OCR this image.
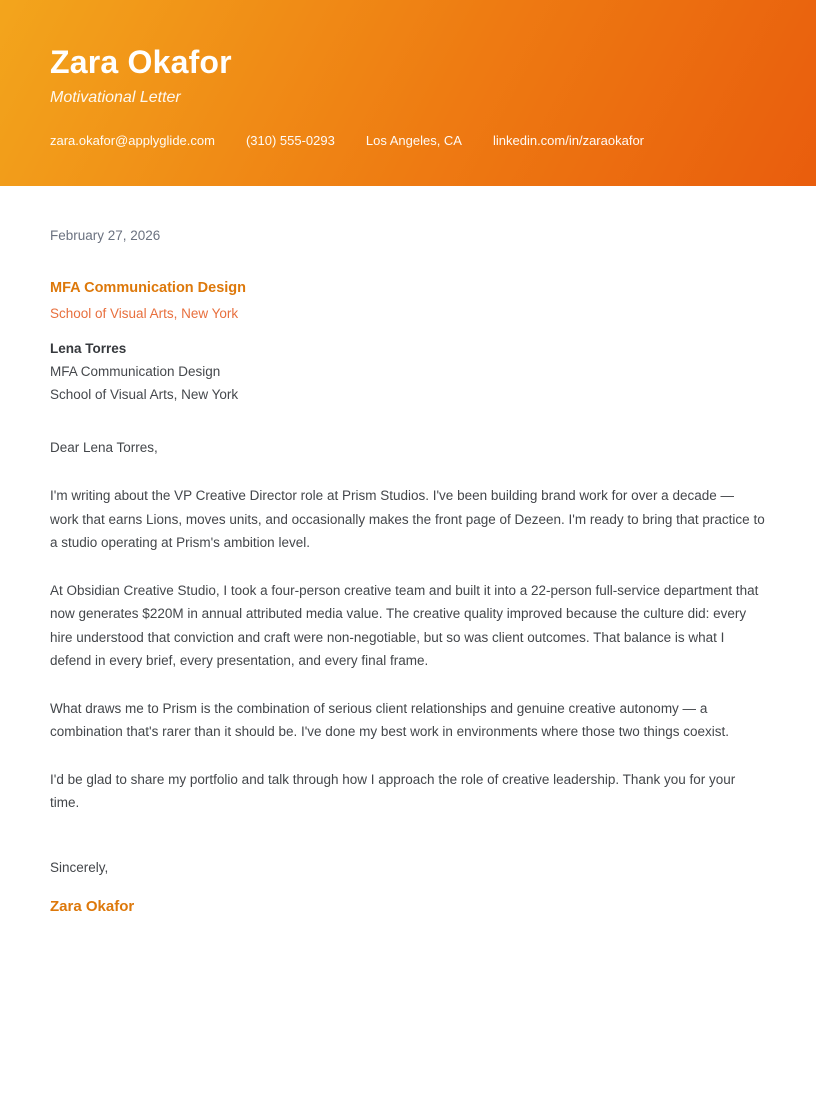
Zara Okafor
Motivational Letter
zara.okafor@applyglide.com (310) 555-0293 Los Angeles, CA linkedin.com/in/zaraokafor
February 27, 2026
MFA Communication Design
School of Visual Arts, New York
Lena Torres
MFA Communication Design
School of Visual Arts, New York
Dear Lena Torres,

I'm writing about the VP Creative Director role at Prism Studios. I've been building brand work for over a decade — work that earns Lions, moves units, and occasionally makes the front page of Dezeen. I'm ready to bring that practice to a studio operating at Prism's ambition level.

At Obsidian Creative Studio, I took a four-person creative team and built it into a 22-person full-service department that now generates $220M in annual attributed media value. The creative quality improved because the culture did: every hire understood that conviction and craft were non-negotiable, but so was client outcomes. That balance is what I defend in every brief, every presentation, and every final frame.

What draws me to Prism is the combination of serious client relationships and genuine creative autonomy — a combination that's rarer than it should be. I've done my best work in environments where those two things coexist.

I'd be glad to share my portfolio and talk through how I approach the role of creative leadership. Thank you for your time.

Sincerely,
Zara Okafor
